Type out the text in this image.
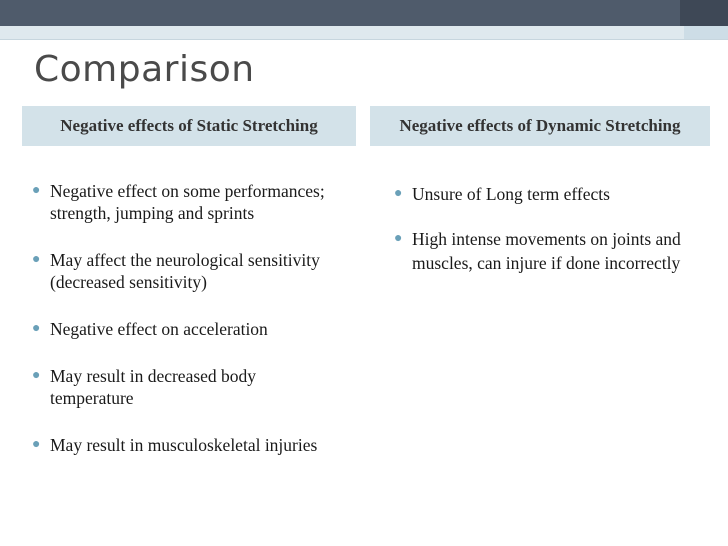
Comparison
Negative effects of Static Stretching	Negative effects of Dynamic Stretching
● Negative effect on some performances; strength, jumping and sprints
● May affect the neurological sensitivity (decreased sensitivity)
● Negative effect on acceleration
● May result in decreased body temperature
● May result in musculoskeletal injuries
● Unsure of Long term effects
● High intense movements on joints and muscles, can injure if done incorrectly
